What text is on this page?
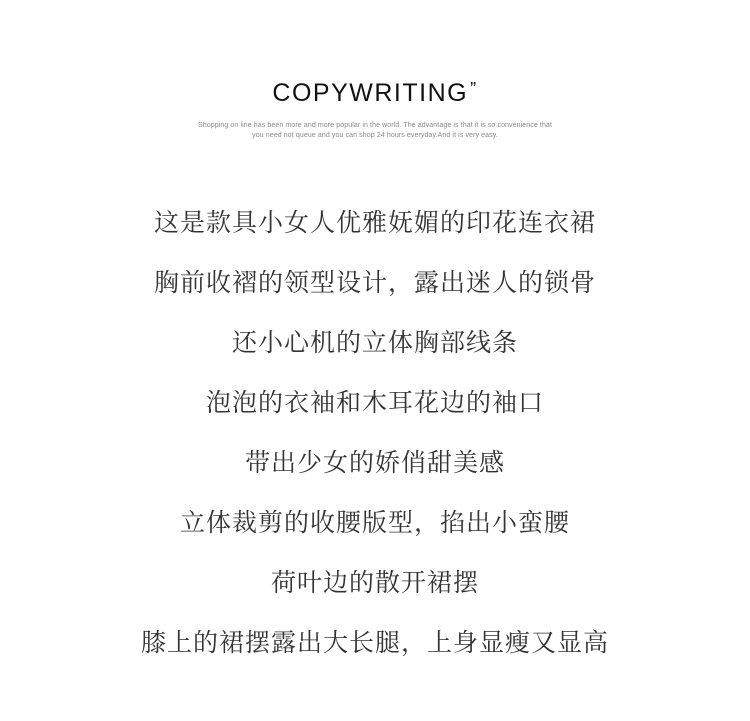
COPYWRITING ”
Shopping on line has been more and more popular in the world. The advantage is that it is so convenience that
you need not queue and you can shop 24 hours everyday.And it is very easy.
这是款具小女人优雅妩媚的印花连衣裙
胸前收褶的领型设计，露出迷人的锁骨
还小心机的立体胸部线条
泡泡的衣袖和木耳花边的袖口
带出少女的娇俏甜美感
立体裁剪的收腰版型，掐出小蛮腰
荷叶边的散开裙摆
膝上的裙摆露出大长腿，上身显瘦又显高
